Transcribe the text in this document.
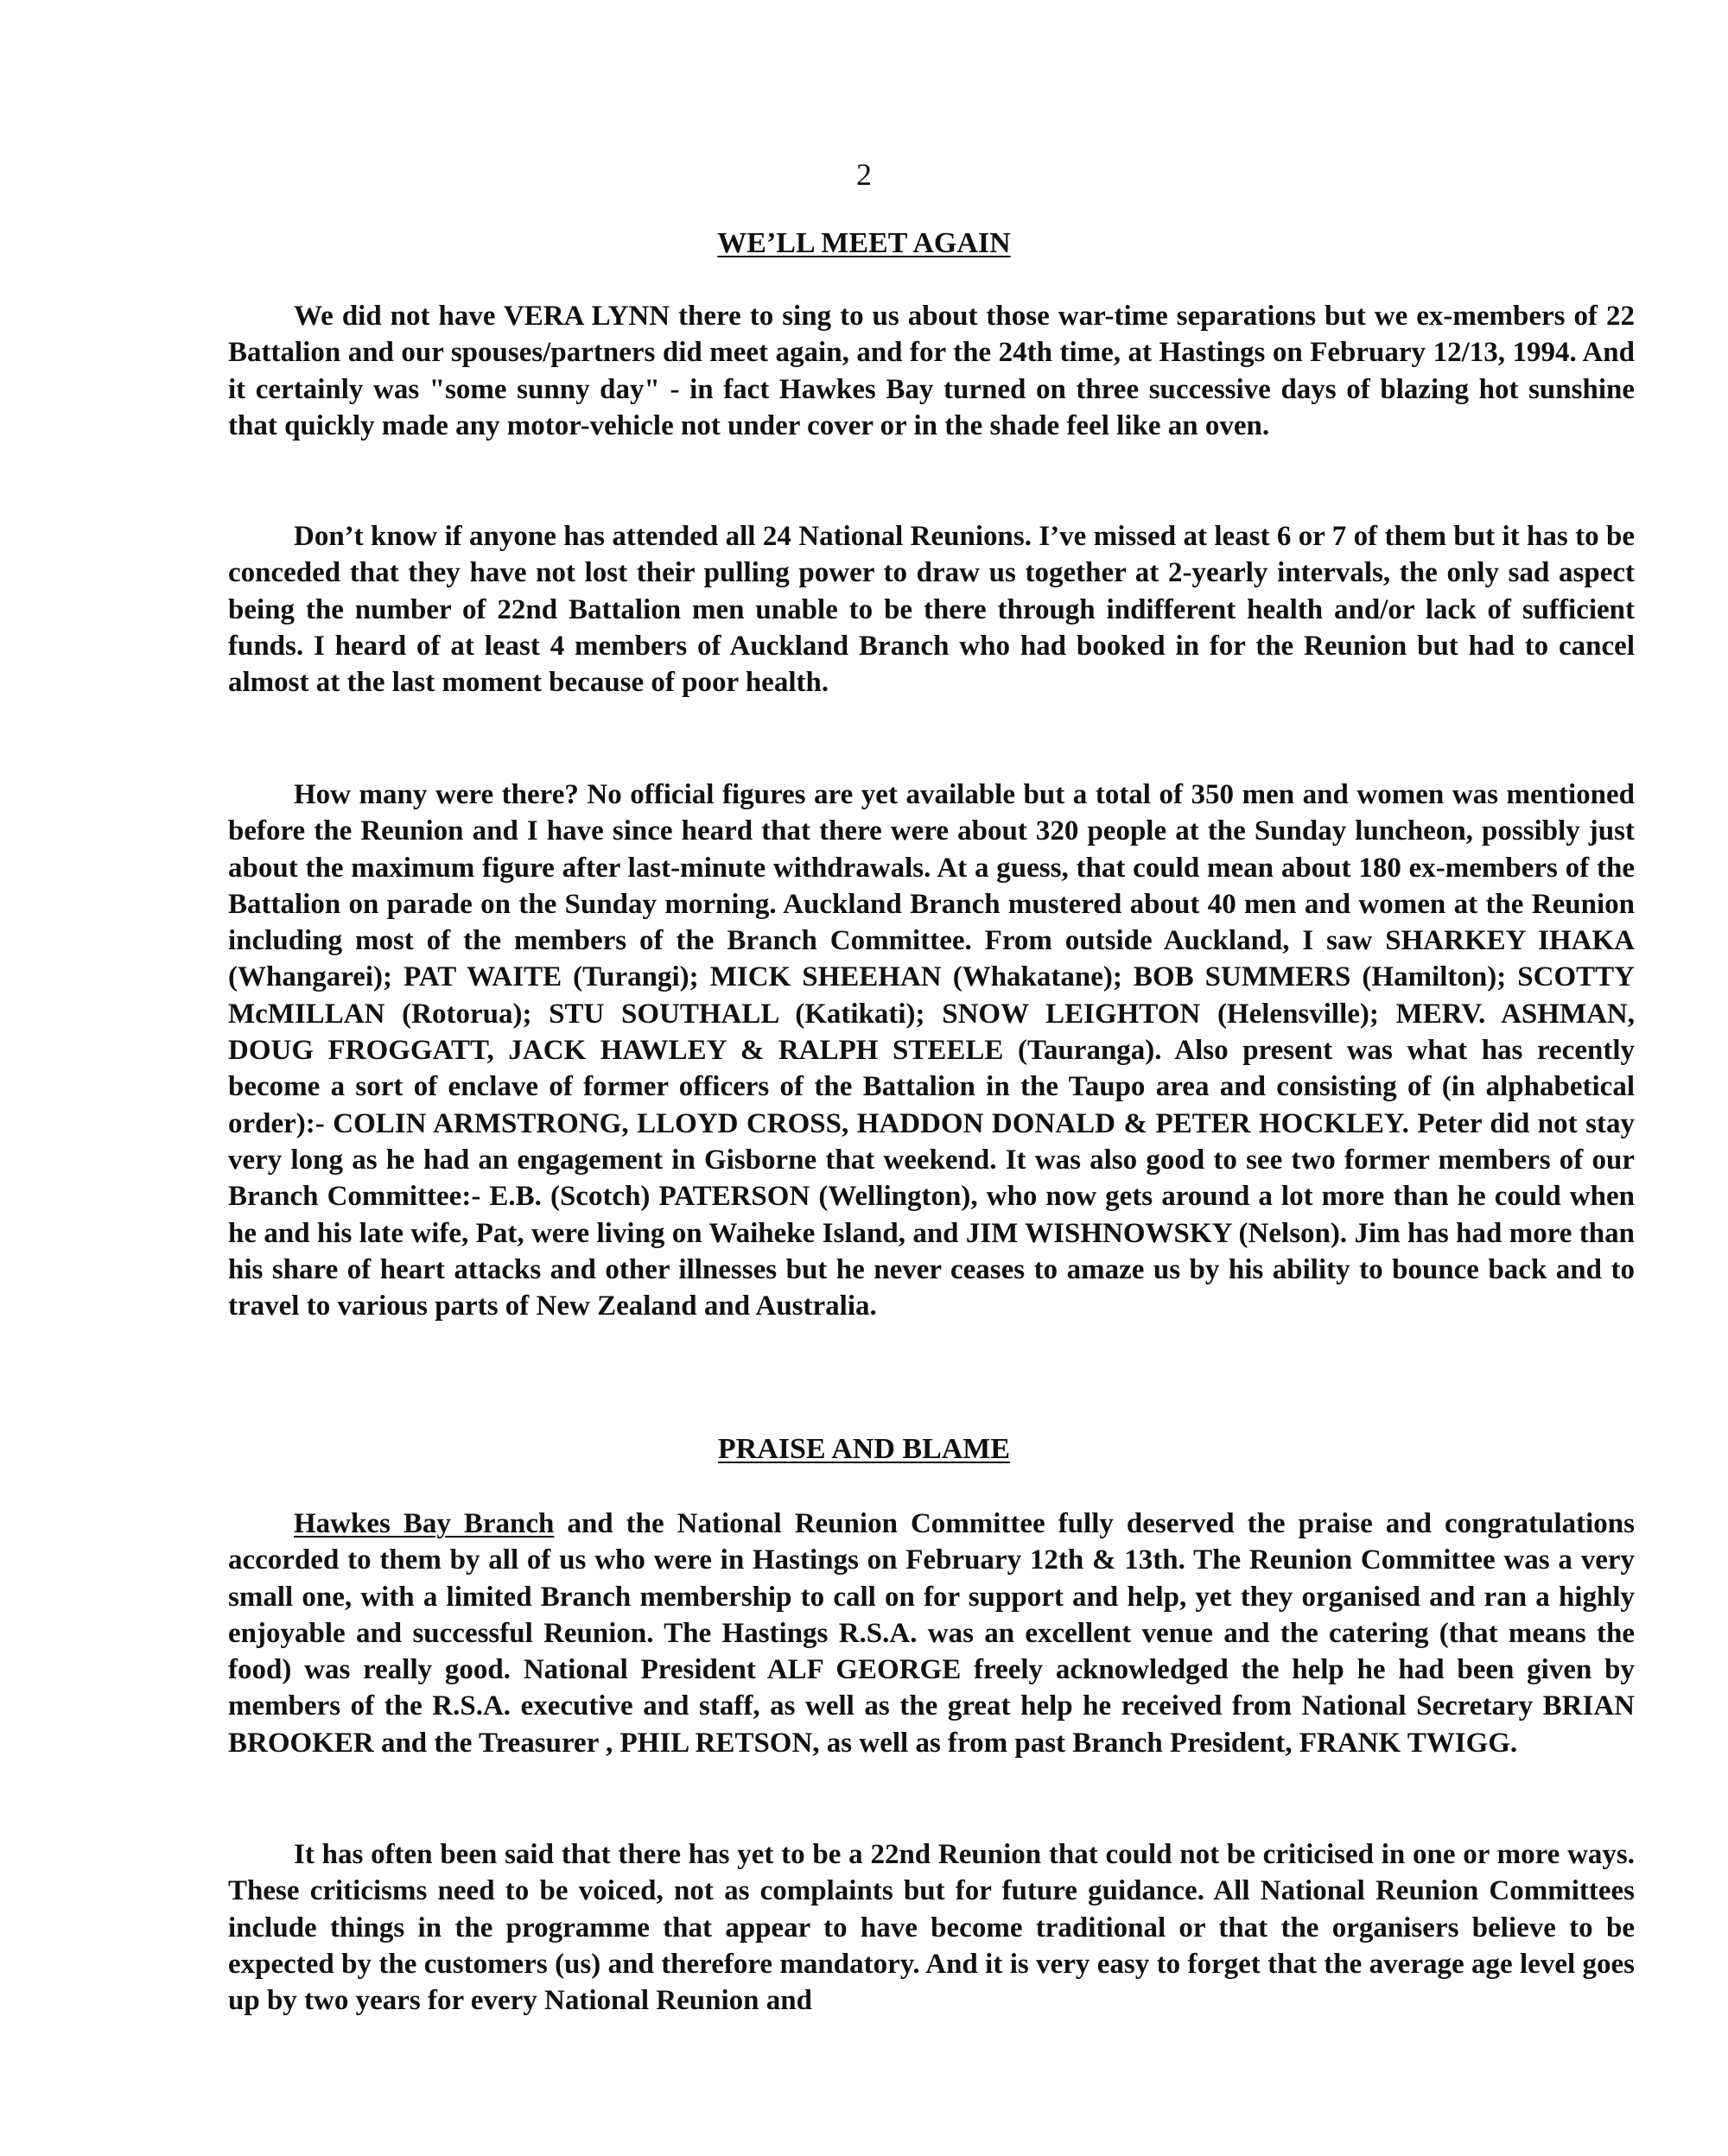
2
WE’LL MEET AGAIN

We did not have VERA LYNN there to sing to us about those war-time separations but we ex-members of 22 Battalion and our spouses/partners did meet again, and for the 24th time, at Hastings on February 12/13, 1994. And it certainly was "some sunny day" - in fact Hawkes Bay turned on three successive days of blazing hot sunshine that quickly made any motor-vehicle not under cover or in the shade feel like an oven.

Don’t know if anyone has attended all 24 National Reunions. I’ve missed at least 6 or 7 of them but it has to be conceded that they have not lost their pulling power to draw us together at 2-yearly intervals, the only sad aspect being the number of 22nd Battalion men unable to be there through indifferent health and/or lack of sufficient funds. I heard of at least 4 members of Auckland Branch who had booked in for the Reunion but had to cancel almost at the last moment because of poor health.

How many were there? No official figures are yet available but a total of 350 men and women was mentioned before the Reunion and I have since heard that there were about 320 people at the Sunday luncheon, possibly just about the maximum figure after last-minute withdrawals. At a guess, that could mean about 180 ex-members of the Battalion on parade on the Sunday morning. Auckland Branch mustered about 40 men and women at the Reunion including most of the members of the Branch Committee. From outside Auckland, I saw SHARKEY IHAKA (Whangarei); PAT WAITE (Turangi); MICK SHEEHAN (Whakatane); BOB SUMMERS (Hamilton); SCOTTY McMILLAN (Rotorua); STU SOUTHALL (Katikati); SNOW LEIGHTON (Helensville); MERV. ASHMAN, DOUG FROGGATT, JACK HAWLEY & RALPH STEELE (Tauranga). Also present was what has recently become a sort of enclave of former officers of the Battalion in the Taupo area and consisting of (in alphabetical order):- COLIN ARMSTRONG, LLOYD CROSS, HADDON DONALD & PETER HOCKLEY. Peter did not stay very long as he had an engagement in Gisborne that weekend. It was also good to see two former members of our Branch Committee:- E.B. (Scotch) PATERSON (Wellington), who now gets around a lot more than he could when he and his late wife, Pat, were living on Waiheke Island, and JIM WISHNOWSKY (Nelson). Jim has had more than his share of heart attacks and other illnesses but he never ceases to amaze us by his ability to bounce back and to travel to various parts of New Zealand and Australia.

PRAISE AND BLAME

Hawkes Bay Branch and the National Reunion Committee fully deserved the praise and congratulations accorded to them by all of us who were in Hastings on February 12th & 13th. The Reunion Committee was a very small one, with a limited Branch membership to call on for support and help, yet they organised and ran a highly enjoyable and successful Reunion. The Hastings R.S.A. was an excellent venue and the catering (that means the food) was really good. National President ALF GEORGE freely acknowledged the help he had been given by members of the R.S.A. executive and staff, as well as the great help he received from National Secretary BRIAN BROOKER and the Treasurer , PHIL RETSON, as well as from past Branch President, FRANK TWIGG.

It has often been said that there has yet to be a 22nd Reunion that could not be criticised in one or more ways. These criticisms need to be voiced, not as complaints but for future guidance. All National Reunion Committees include things in the programme that appear to have become traditional or that the organisers believe to be expected by the customers (us) and therefore mandatory. And it is very easy to forget that the average age level goes up by two years for every National Reunion and
